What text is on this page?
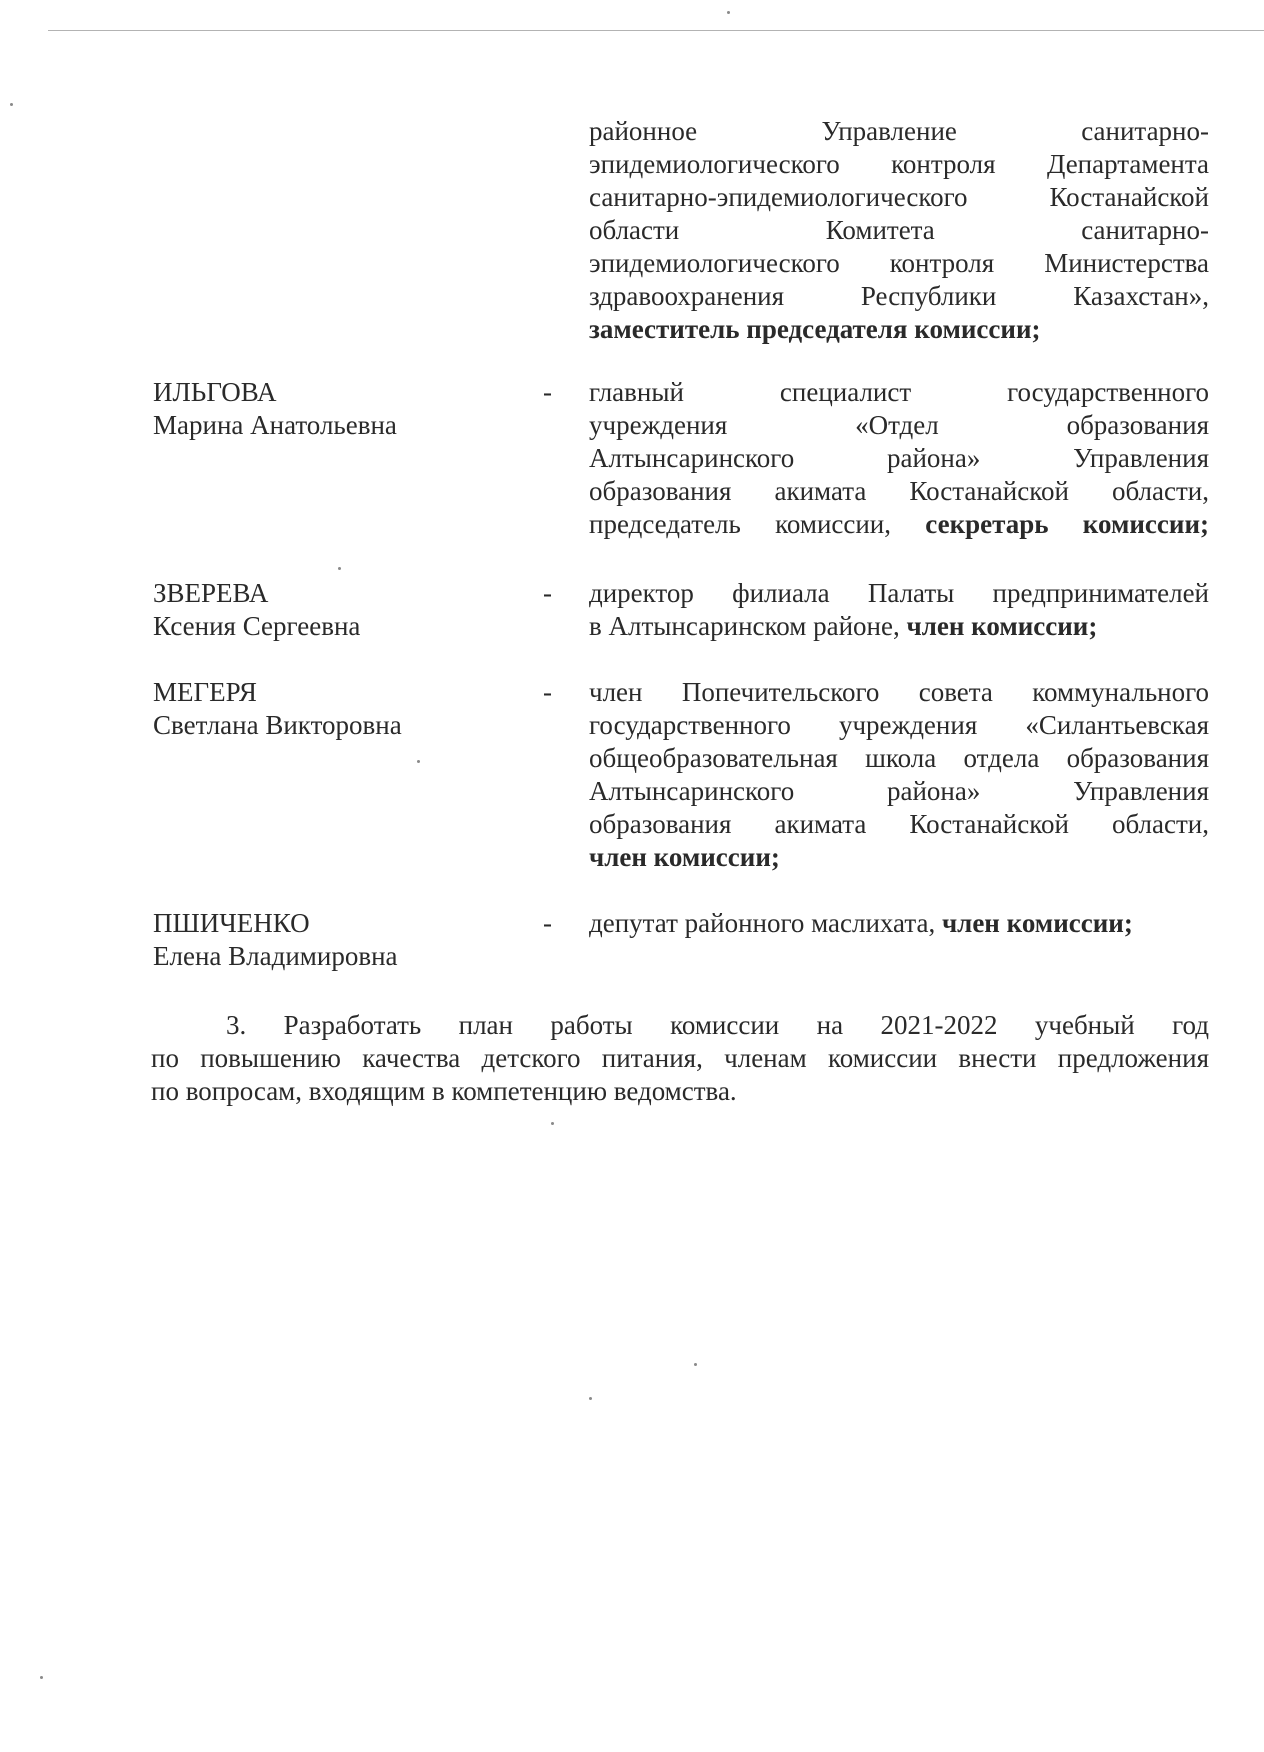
районное Управление санитарно-
эпидемиологического контроля Департамента
санитарно-эпидемиологического Костанайской
области Комитета санитарно-
эпидемиологического контроля Министерства
здравоохранения Республики Казахстан»,
заместитель председателя комиссии;
ИЛЬГОВА
Марина Анатольевна
- главный специалист государственного
учреждения «Отдел образования
Алтынсаринского района» Управления
образования акимата Костанайской области,
председатель комиссии, секретарь комиссии;
ЗВЕРЕВА
Ксения Сергеевна
- директор филиала Палаты предпринимателей
в Алтынсаринском районе, член комиссии;
МЕГЕРЯ
Светлана Викторовна
- член Попечительского совета коммунального
государственного учреждения «Силантьевская
общеобразовательная школа отдела образования
Алтынсаринского района» Управления
образования акимата Костанайской области,
член комиссии;
ПШИЧЕНКО
Елена Владимировна
- депутат районного маслихата, член комиссии;
3. Разработать план работы комиссии на 2021-2022 учебный год
по повышению качества детского питания, членам комиссии внести предложения
по вопросам, входящим в компетенцию ведомства.
